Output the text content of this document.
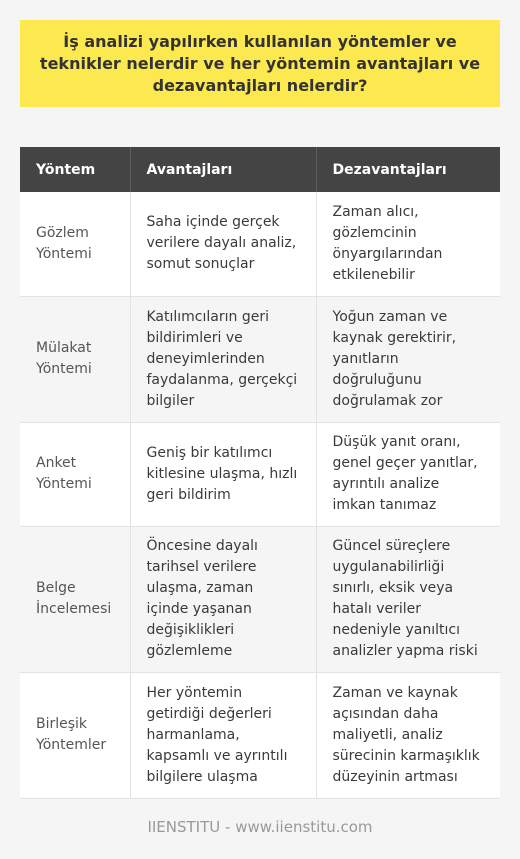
İş analizi yapılırken kullanılan yöntemler ve teknikler nelerdir ve her yöntemin avantajları ve dezavantajları nelerdir?
Yöntem	Avantajları	Dezavantajları
Gözlem Yöntemi	Saha içinde gerçek verilere dayalı analiz, somut sonuçlar	Zaman alıcı, gözlemcinin önyargılarından etkilenebilir
Mülakat Yöntemi	Katılımcıların geri bildirimleri ve deneyimlerinden faydalanma, gerçekçi bilgiler	Yoğun zaman ve kaynak gerektirir, yanıtların doğruluğunu doğrulamak zor
Anket Yöntemi	Geniş bir katılımcı kitlesine ulaşma, hızlı geri bildirim	Düşük yanıt oranı, genel geçer yanıtlar, ayrıntılı analize imkan tanımaz
Belge İncelemesi	Öncesine dayalı tarihsel verilere ulaşma, zaman içinde yaşanan değişiklikleri gözlemleme	Güncel süreçlere uygulanabilirliği sınırlı, eksik veya hatalı veriler nedeniyle yanıltıcı analizler yapma riski
Birleşik Yöntemler	Her yöntemin getirdiği değerleri harmanlama, kapsamlı ve ayrıntılı bilgilere ulaşma	Zaman ve kaynak açısından daha maliyetli, analiz sürecinin karmaşıklık düzeyinin artması
IIENSTITU - www.iienstitu.com
